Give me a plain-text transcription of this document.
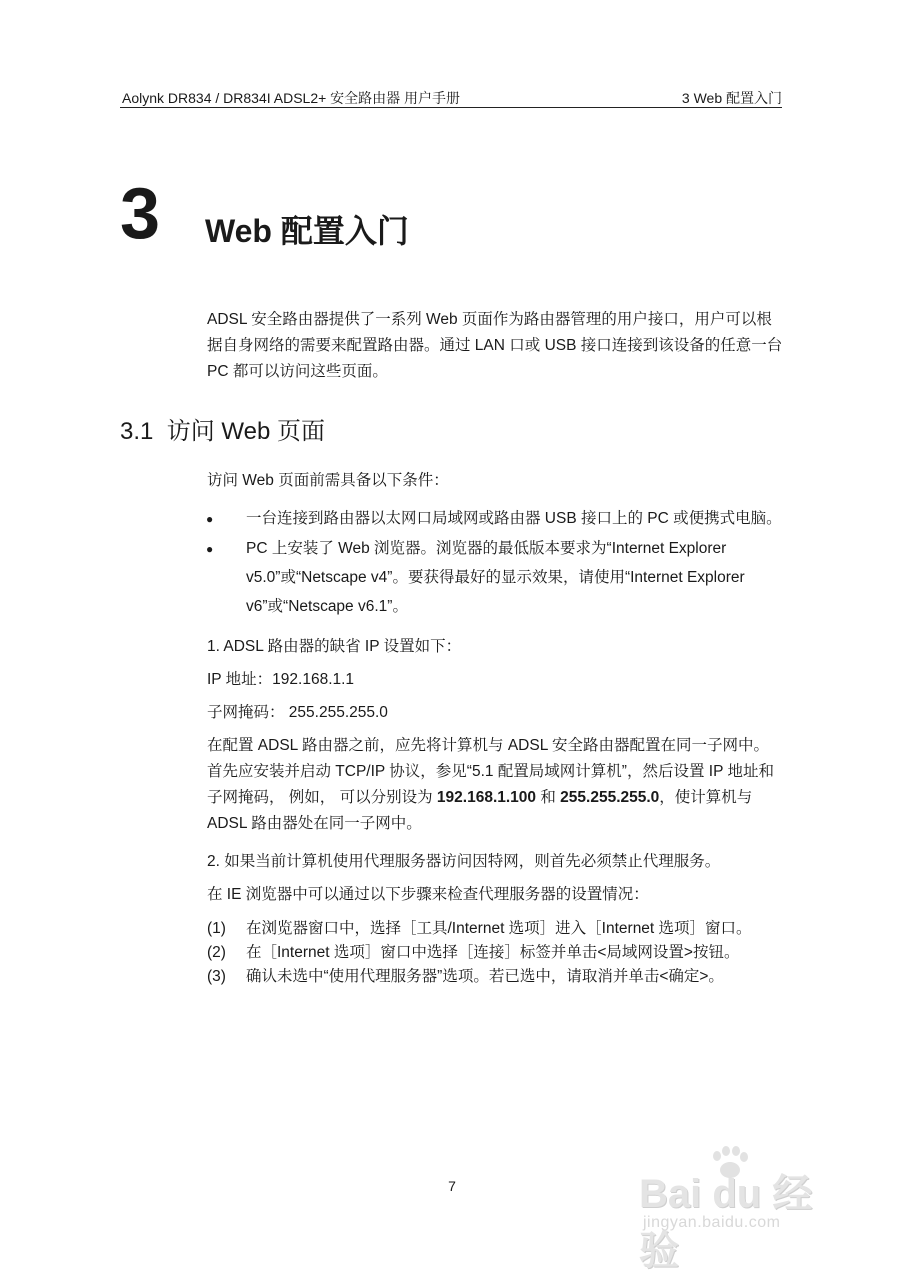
Aolynk DR834 / DR834I ADSL2+ 安全路由器 用户手册	3 Web 配置入门
3 Web 配置入门
ADSL 安全路由器提供了一系列 Web 页面作为路由器管理的用户接口，用户可以根据自身网络的需要来配置路由器。通过 LAN 口或 USB 接口连接到该设备的任意一台 PC 都可以访问这些页面。
3.1 访问 Web 页面
访问 Web 页面前需具备以下条件：
● 一台连接到路由器以太网口局域网或路由器 USB 接口上的 PC 或便携式电脑。
● PC 上安装了 Web 浏览器。浏览器的最低版本要求为“Internet Explorer v5.0”或“Netscape v4”。要获得最好的显示效果，请使用“Internet Explorer v6”或“Netscape v6.1”。
1. ADSL 路由器的缺省 IP 设置如下：
IP 地址：192.168.1.1
子网掩码： 255.255.255.0
在配置 ADSL 路由器之前，应先将计算机与 ADSL 安全路由器配置在同一子网中。首先应安装并启动 TCP/IP 协议，参见“5.1 配置局域网计算机”，然后设置 IP 地址和子网掩码， 例如， 可以分别设为 192.168.1.100 和 255.255.255.0，使计算机与 ADSL 路由器处在同一子网中。
2. 如果当前计算机使用代理服务器访问因特网，则首先必须禁止代理服务。
在 IE 浏览器中可以通过以下步骤来检查代理服务器的设置情况：
(1) 在浏览器窗口中，选择［工具/Internet 选项］进入［Internet 选项］窗口。
(2) 在［Internet 选项］窗口中选择［连接］标签并单击<局域网设置>按钮。
(3) 确认未选中“使用代理服务器”选项。若已选中，请取消并单击<确定>。
7	Bai du 经验
jingyan.baidu.com
